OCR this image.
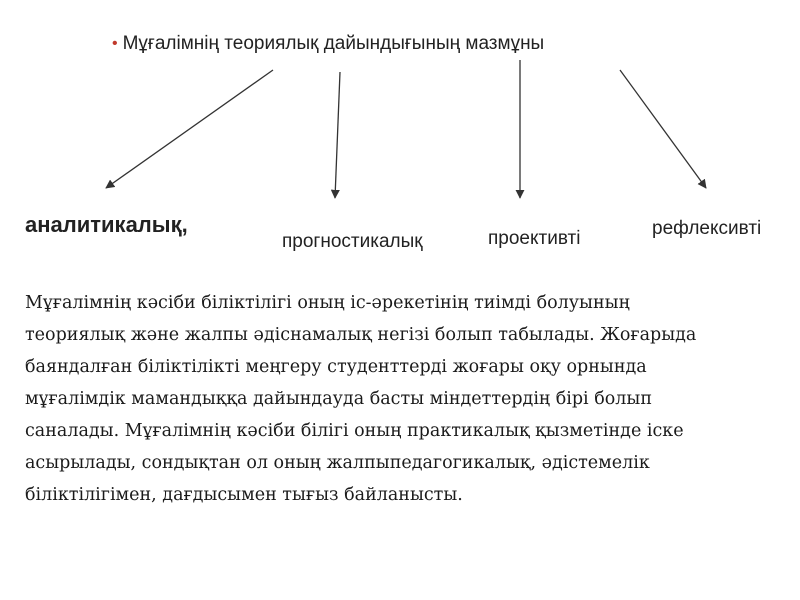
• Мұғалімнің теориялық дайындығының мазмұны
аналитикалық,
прогностикалық	проективті	рефлексивті

Мұғалімнің кәсіби біліктілігі оның іс-әрекетінің тиімді болуының теориялық және жалпы әдіснамалық негізі болып табылады. Жоғарыда баяндалған біліктілікті меңгеру студенттерді жоғары оқу орнында мұғалімдік мамандыққа дайындауда басты міндеттердің бірі болып саналады. Мұғалімнің кәсіби білігі оның практикалық қызметінде іске асырылады, сондықтан ол оның жалпыпедагогикалық, әдістемелік біліктілігімен, дағдысымен тығыз байланысты.
